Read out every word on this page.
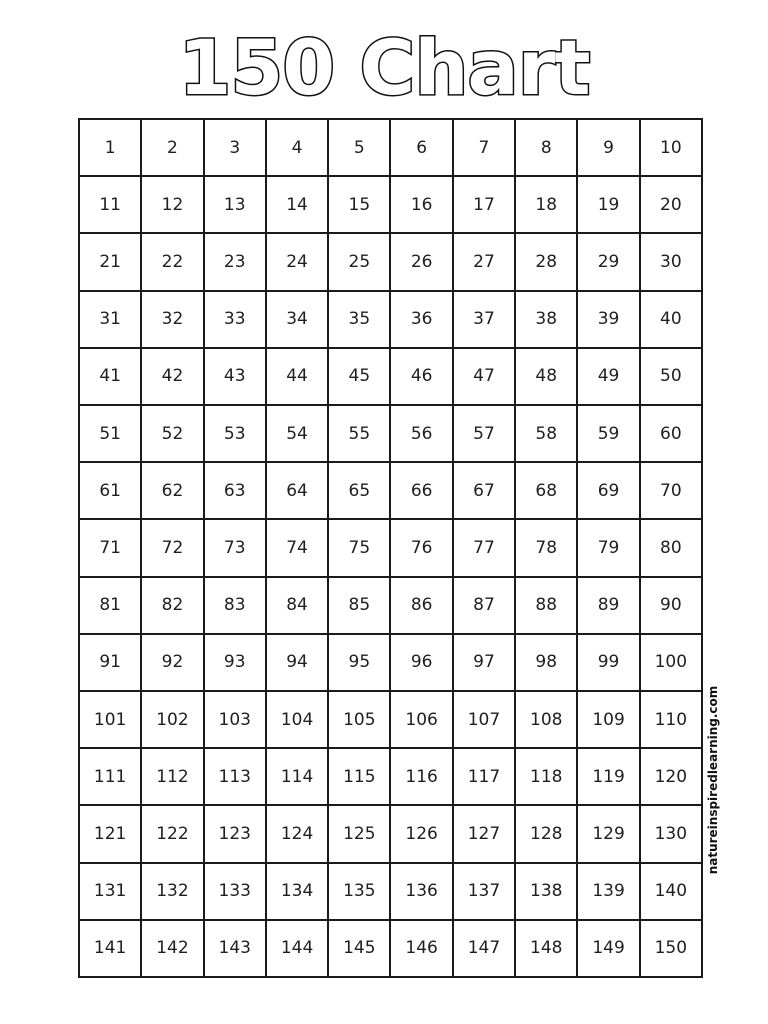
150 Chart
1	2	3	4	5	6	7	8	9	10
11	12	13	14	15	16	17	18	19	20
21	22	23	24	25	26	27	28	29	30
31	32	33	34	35	36	37	38	39	40
41	42	43	44	45	46	47	48	49	50
51	52	53	54	55	56	57	58	59	60
61	62	63	64	65	66	67	68	69	70
71	72	73	74	75	76	77	78	79	80
81	82	83	84	85	86	87	88	89	90
91	92	93	94	95	96	97	98	99	100
101	102	103	104	105	106	107	108	109	110
111	112	113	114	115	116	117	118	119	120
121	122	123	124	125	126	127	128	129	130
131	132	133	134	135	136	137	138	139	140
141	142	143	144	145	146	147	148	149	150
natureinspiredlearning.com
